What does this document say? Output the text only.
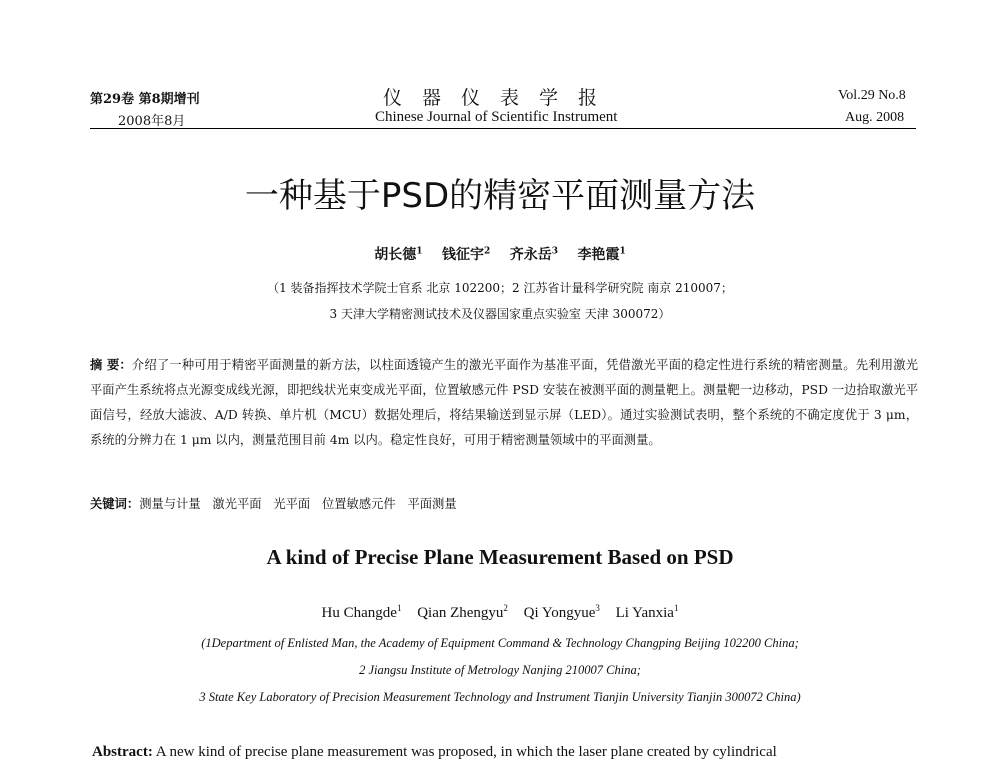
第29卷 第8期增刊
2008年8月
仪器仪表学报
Chinese Journal of Scientific Instrument
Vol.29 No.8
Aug. 2008
一种基于PSD的精密平面测量方法
胡长德$^1$ 钱征宇$^2$ 齐永岳$^3$ 李艳霞$^1$
（1 装备指挥技术学院士官系 北京 102200；2 江苏省计量科学研究院 南京 210007；
3 天津大学精密测试技术及仪器国家重点实验室 天津 300072）
摘 要：介绍了一种可用于精密平面测量的新方法，以柱面透镜产生的激光平面作为基准平面，凭借激光平面的稳定性进行系统的精密测量。先利用激光平面产生系统将点光源变成线光源，即把线状光束变成光平面，位置敏感元件 PSD 安装在被测平面的测量靶上。测量靶一边移动，PSD 一边拾取激光平面信号，经放大滤波、A/D 转换、单片机（MCU）数据处理后，将结果输送到显示屏（LED）。通过实验测试表明，整个系统的不确定度优于 3 μm，系统的分辨力在 1 μm 以内，测量范围目前 4m 以内。稳定性良好，可用于精密测量领域中的平面测量。
关键词：测量与计量   激光平面   光平面   位置敏感元件   平面测量
A kind of Precise Plane Measurement Based on PSD
Hu Changde$^1$ Qian Zhengyu$^2$ Qi Yongyue$^3$ Li Yanxia$^1$
(1Department of Enlisted Man, the Academy of Equipment Command & Technology Changping Beijing 102200 China;
2 Jiangsu Institute of Metrology Nanjing 210007 China;
3 State Key Laboratory of Precision Measurement Technology and Instrument Tianjin University Tianjin 300072 China)
Abstract: A new kind of precise plane measurement was proposed, in which the laser plane created by cylindrical
